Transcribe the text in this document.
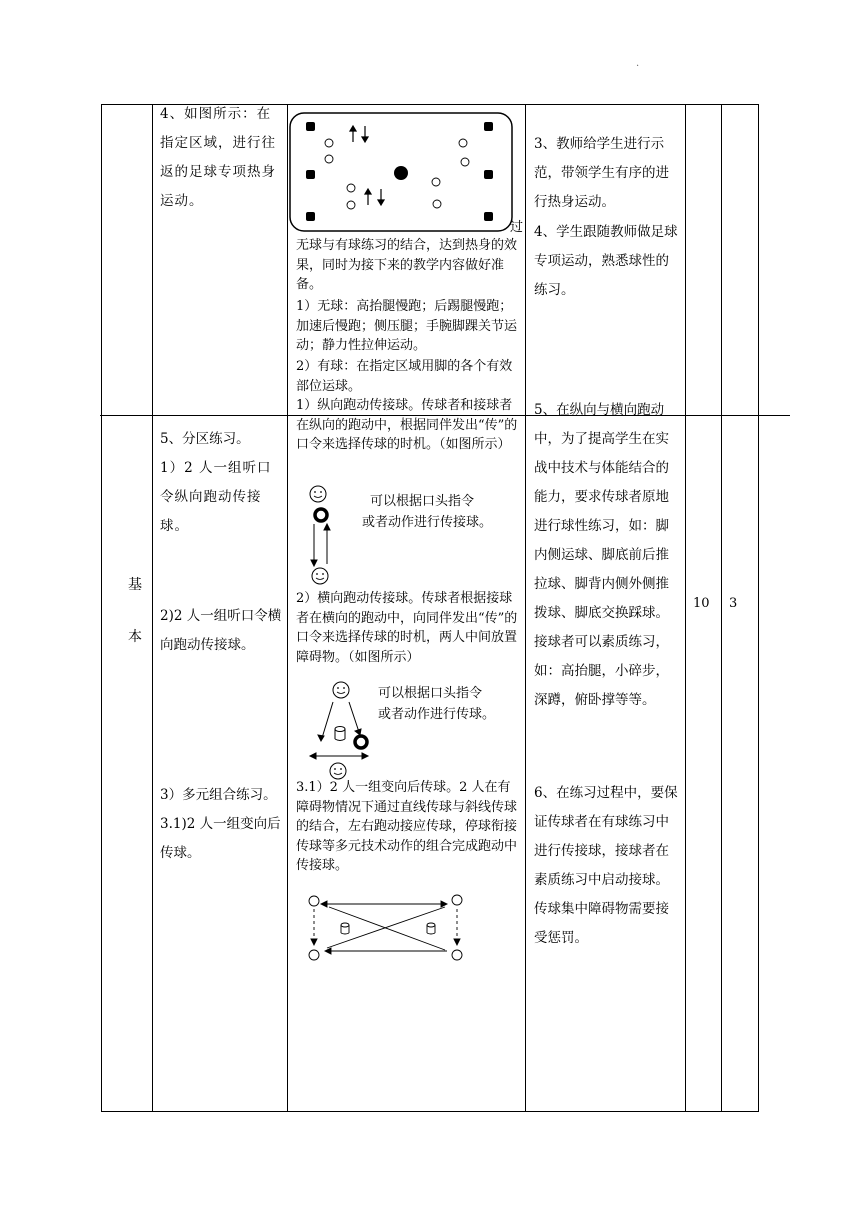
.
基
本
4、如图所示：在指定区域，进行往返的足球专项热身运动。
5、分区练习。
1）2 人一组听口令纵向跑动传接球。
2)2 人一组听口令横向跑动传接球。
3）多元组合练习。
3.1)2 人一组变向后传球。
过
无球与有球练习的结合，达到热身的效果，同时为接下来的教学内容做好准备。
1）无球：高抬腿慢跑；后踢腿慢跑；加速后慢跑；侧压腿；手腕脚踝关节运动；静力性拉伸运动。
2）有球：在指定区域用脚的各个有效部位运球。
1）纵向跑动传接球。传球者和接球者在纵向的跑动中，根据同伴发出“传”的口令来选择传球的时机。（如图所示）
可以根据口头指令
或者动作进行传接球。
2）横向跑动传接球。传球者根据接球者在横向的跑动中，向同伴发出“传”的口令来选择传球的时机，两人中间放置障碍物。（如图所示）
可以根据口头指令
或者动作进行传球。
3.1）2 人一组变向后传球。2 人在有障碍物情况下通过直线传球与斜线传球的结合，左右跑动接应传球，停球衔接传球等多元技术动作的组合完成跑动中传接球。
3、教师给学生进行示范，带领学生有序的进行热身运动。
4、学生跟随教师做足球专项运动，熟悉球性的练习。
5、在纵向与横向跑动中，为了提高学生在实战中技术与体能结合的能力，要求传球者原地进行球性练习，如：脚内侧运球、脚底前后推拉球、脚背内侧外侧推拨球、脚底交换踩球。接球者可以素质练习，如：高抬腿，小碎步，深蹲，俯卧撑等等。
6、在练习过程中，要保证传球者在有球练习中进行传接球，接球者在素质练习中启动接球。传球集中障碍物需要接受惩罚。
10 3
